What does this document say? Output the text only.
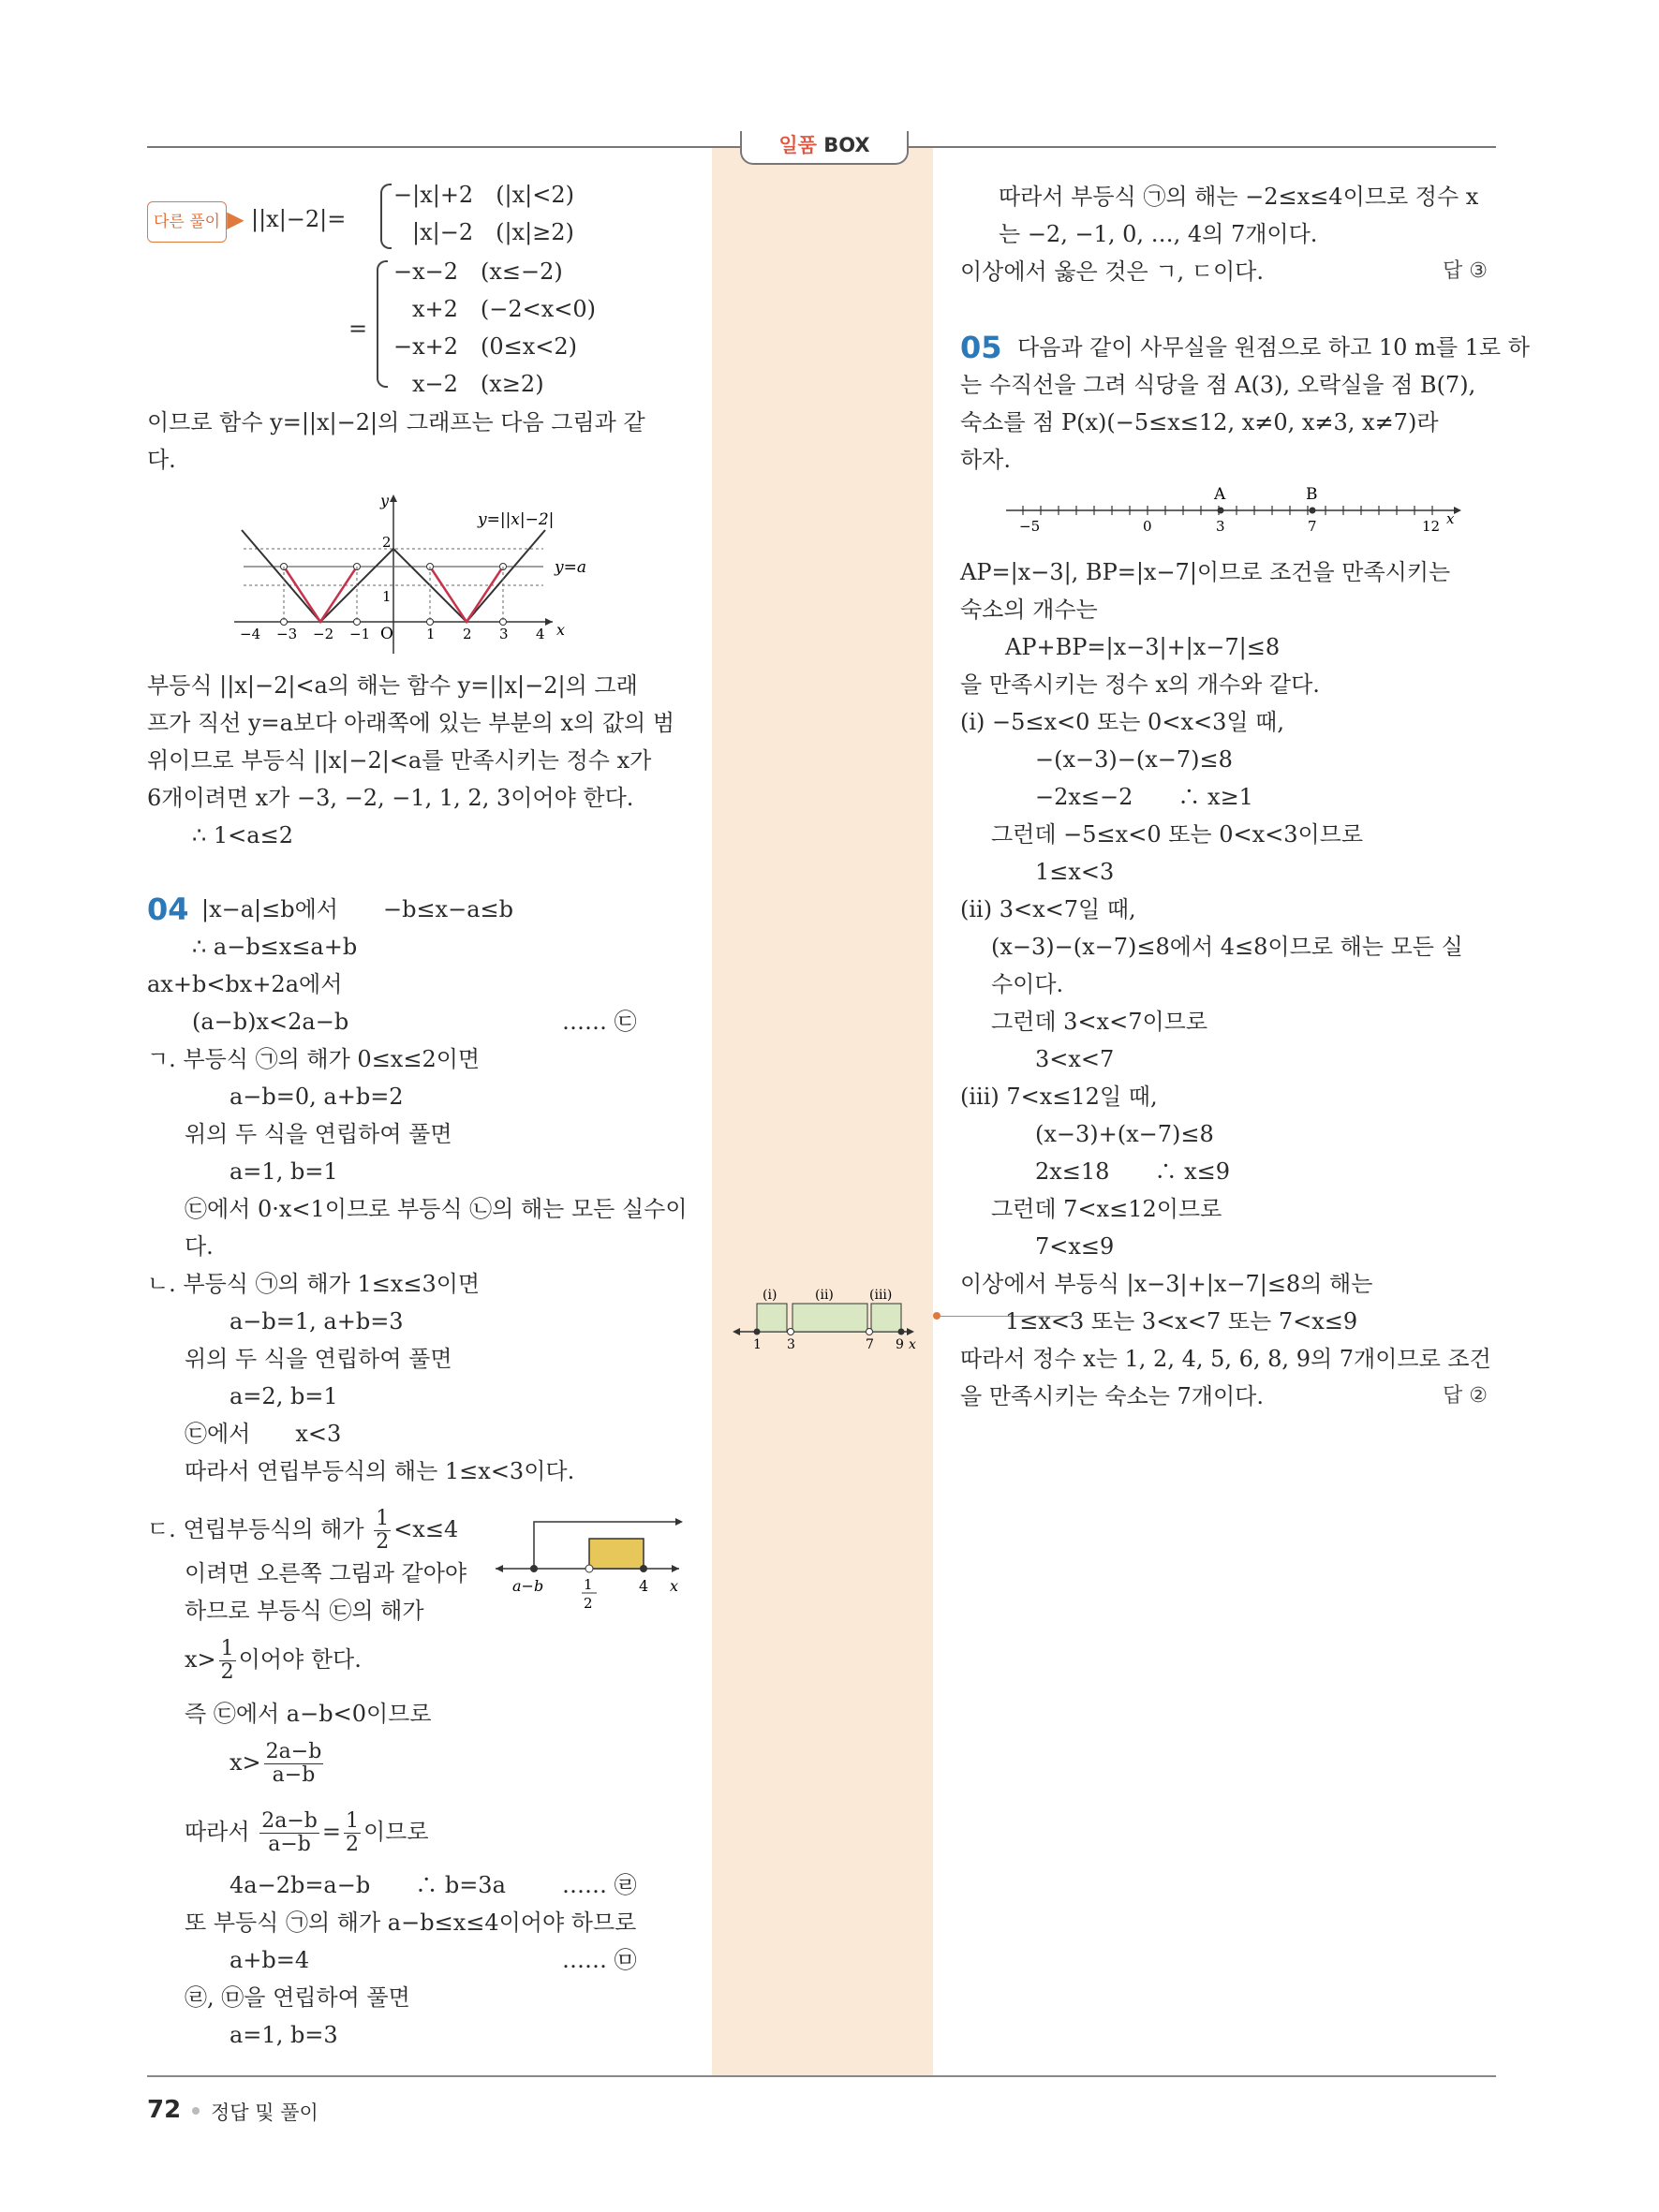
일품 BOX
다른 풀이 ▶ ||x|−2|=
−|x|+2　(|x|<2)
|x|−2　(|x|≥2)
=
−x−2　(x≤−2)
x+2　(−2<x<0)
−x+2　(0≤x<2)
x−2　(x≥2)
이므로 함수 y=||x|−2|의 그래프는 다음 그림과 같
다.
y
x
O
y=||x|−2|
y=a
2
1
−4 −3 −2 −1	1 2 3 4
부등식 ||x|−2|<a의 해는 함수 y=||x|−2|의 그래
프가 직선 y=a보다 아래쪽에 있는 부분의 x의 값의 범
위이므로 부등식 ||x|−2|<a를 만족시키는 정수 x가
6개이려면 x가 −3, −2, −1, 1, 2, 3이어야 한다.
∴ 1<a≤2
04 |x−a|≤b에서　　−b≤x−a≤b
∴ a−b≤x≤a+b
ax+b<bx+2a에서
(a−b)x<2a−b	…… ㉢
ㄱ. 부등식 ㉠의 해가 0≤x≤2이면
a−b=0, a+b=2
위의 두 식을 연립하여 풀면
a=1, b=1
㉢에서 0·x<1이므로 부등식 ㉡의 해는 모든 실수이
다.
ㄴ. 부등식 ㉠의 해가 1≤x≤3이면
a−b=1, a+b=3
위의 두 식을 연립하여 풀면
a=2, b=1
㉢에서　　x<3
따라서 연립부등식의 해는 1≤x<3이다.
ㄷ. 연립부등식의 해가 $\frac{1}{2} <x\le 4$
이려면 오른쪽 그림과 같아야
하므로 부등식 ㉢의 해가
$x> \frac{1}{2}$ 이어야 한다.
즉 ㉢에서 a−b<0이므로
$x> \frac{2a-b}{a-b}$
따라서 $\frac{2a-b}{a-b} = \frac{1}{2}$ 이므로
4a−2b=a−b　　∴ b=3a	…… ㉣
또 부등식 ㉠의 해가 a−b≤x≤4이어야 하므로
a+b=4	…… ㉤
㉣, ㉤을 연립하여 풀면
a=1, b=3
a−b	1
2
4 x
(i)	(ii)	(iii)
1 3	7 9 x
따라서 부등식 ㉠의 해는 −2≤x≤4이므로 정수 x
는 −2, −1, 0, …, 4의 7개이다.
이상에서 옳은 것은 ㄱ, ㄷ이다.	답 ③
05 다음과 같이 사무실을 원점으로 하고 10 m를 1로 하
는 수직선을 그려 식당을 점 A(3), 오락실을 점 B(7),
숙소를 점 P(x)(−5≤x≤12, x≠0, x≠3, x≠7)라
하자.
A	B
−5	0	3	7	12 x
AP=|x−3|, BP=|x−7|이므로 조건을 만족시키는
숙소의 개수는
AP+BP=|x−3|+|x−7|≤8
을 만족시키는 정수 x의 개수와 같다.
(i) −5≤x<0 또는 0<x<3일 때,
−(x−3)−(x−7)≤8
−2x≤−2　　∴ x≥1
그런데 −5≤x<0 또는 0<x<3이므로
1≤x<3
(ii) 3<x<7일 때,
(x−3)−(x−7)≤8에서 4≤8이므로 해는 모든 실
수이다.
그런데 3<x<7이므로
3<x<7
(iii) 7<x≤12일 때,
(x−3)+(x−7)≤8
2x≤18　　∴ x≤9
그런데 7<x≤12이므로
7<x≤9
이상에서 부등식 |x−3|+|x−7|≤8의 해는
1≤x<3 또는 3<x<7 또는 7<x≤9
따라서 정수 x는 1, 2, 4, 5, 6, 8, 9의 7개이므로 조건
을 만족시키는 숙소는 7개이다.	답 ②
72 정답 및 풀이
